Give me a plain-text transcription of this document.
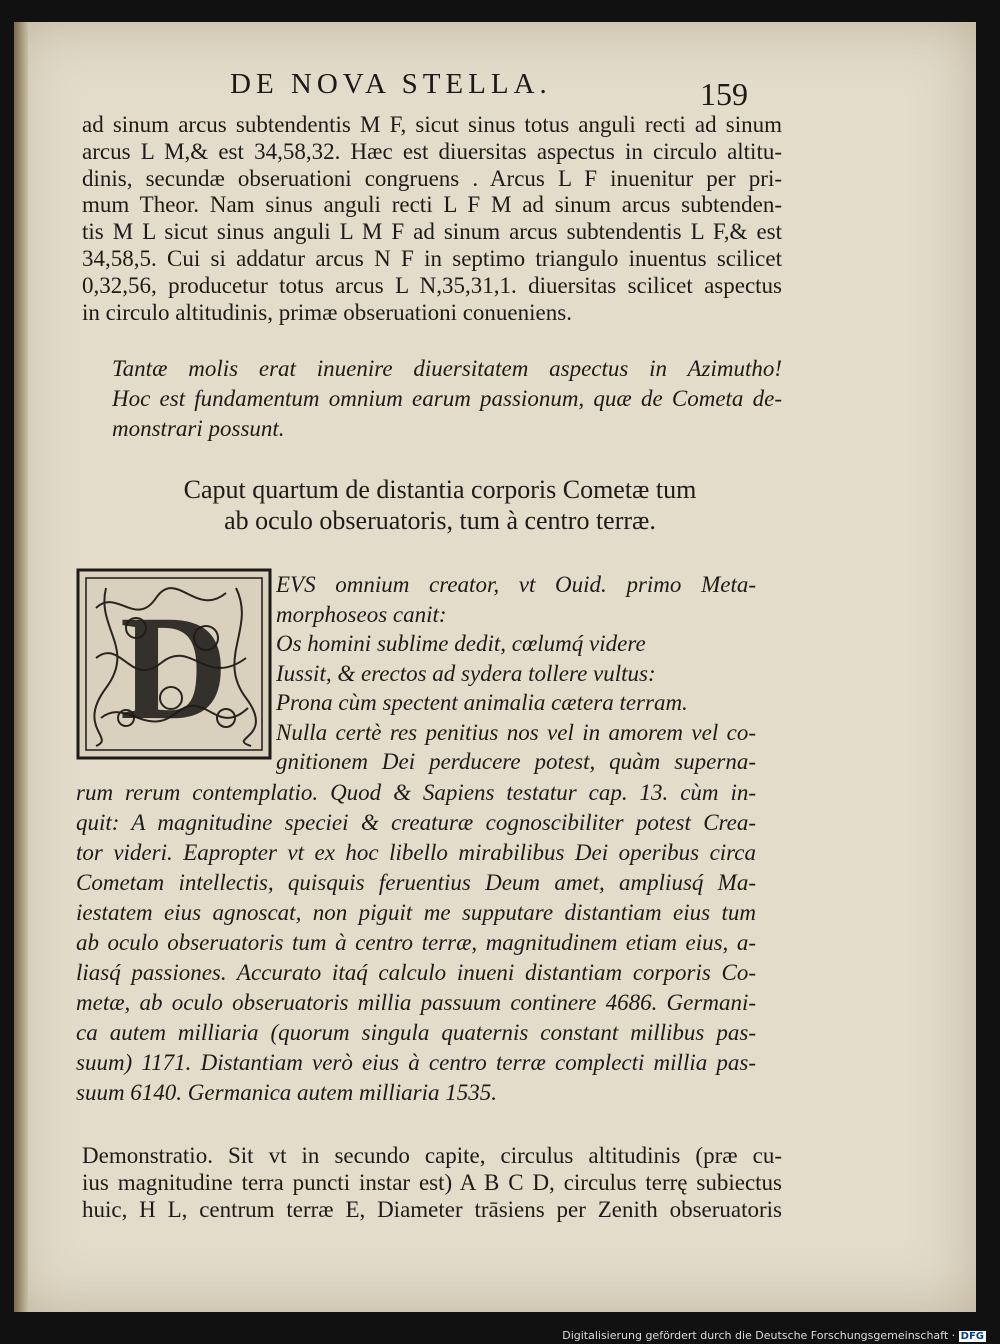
DE NOVA STELLA.	159
ad sinum arcus subtendentis M F, sicut sinus totus anguli recti ad sinum
arcus L M,& est 34,58,32. Hæc est diuersitas aspectus in circulo altitu-
dinis, secundæ obseruationi congruens . Arcus L F inuenitur per pri-
mum Theor. Nam sinus anguli recti L F M ad sinum arcus subtenden-
tis M L sicut sinus anguli L M F ad sinum arcus subtendentis L F,& est
34,58,5. Cui si addatur arcus N F in septimo triangulo inuentus scilicet
0,32,56, producetur totus arcus L N,35,31,1. diuersitas scilicet aspectus
in circulo altitudinis, primæ obseruationi conueniens.
Tantæ molis erat inuenire diuersitatem aspectus in Azimutho!
Hoc est fundamentum omnium earum passionum, quæ de Cometa de-
monstrari possunt.
Caput quartum de distantia corporis Cometæ tum
ab oculo obseruatoris, tum à centro terræ.
D
EVS omnium creator, vt Ouid. primo Meta-
morphoseos canit:
Os homini sublime dedit, cœlumq́ videre
Iussit, & erectos ad sydera tollere vultus:
Prona cùm spectent animalia cætera terram.
Nulla certè res penitius nos vel in amorem vel co-
gnitionem Dei perducere potest, quàm superna-
rum rerum contemplatio. Quod & Sapiens testatur cap. 13. cùm in-
quit: A magnitudine speciei & creaturæ cognoscibiliter potest Crea-
tor videri. Eapropter vt ex hoc libello mirabilibus Dei operibus circa
Cometam intellectis, quisquis feruentius Deum amet, ampliusq́ Ma-
iestatem eius agnoscat, non piguit me supputare distantiam eius tum
ab oculo obseruatoris tum à centro terræ, magnitudinem etiam eius, a-
liasq́ passiones. Accurato itaq́ calculo inueni distantiam corporis Co-
metæ, ab oculo obseruatoris millia passuum continere 4686. Germani-
ca autem milliaria (quorum singula quaternis constant millibus pas-
suum) 1171. Distantiam verò eius à centro terræ complecti millia pas-
suum 6140. Germanica autem milliaria 1535.
Demonstratio. Sit vt in secundo capite, circulus altitudinis (præ cu-
ius magnitudine terra puncti instar est) A B C D, circulus terrę subiectus
huic, H L, centrum terræ E, Diameter trāsiens per Zenith obseruatoris
Digitalisierung gefördert durch die Deutsche Forschungsgemeinschaft · DFG
